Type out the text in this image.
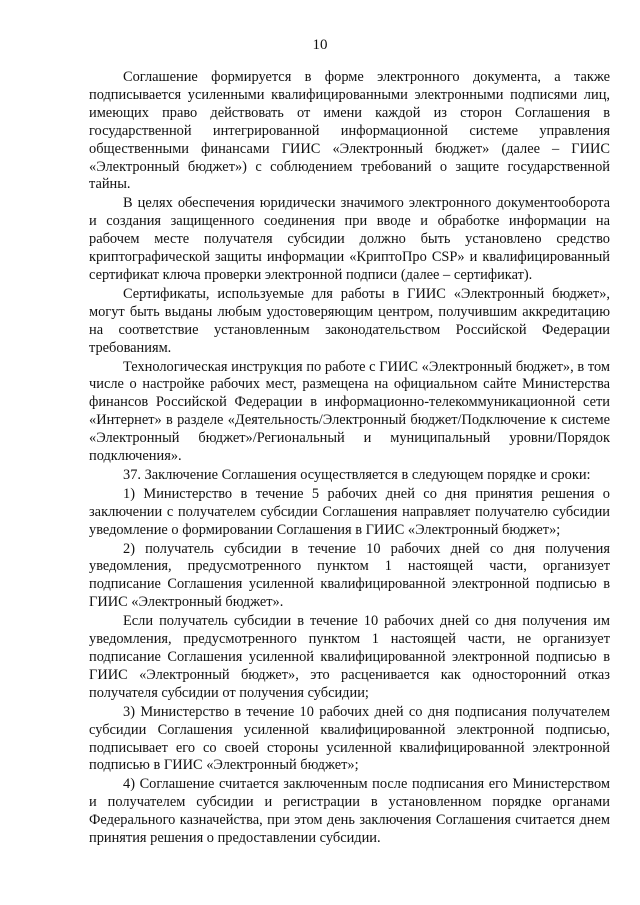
10

Соглашение формируется в форме электронного документа, а также подписывается усиленными квалифицированными электронными подписями лиц, имеющих право действовать от имени каждой из сторон Соглашения в государственной интегрированной информационной системе управления общественными финансами ГИИС «Электронный бюджет» (далее – ГИИС «Электронный бюджет») с соблюдением требований о защите государственной тайны.

В целях обеспечения юридически значимого электронного документооборота и создания защищенного соединения при вводе и обработке информации на рабочем месте получателя субсидии должно быть установлено средство криптографической защиты информации «КриптоПро CSP» и квалифицированный сертификат ключа проверки электронной подписи (далее – сертификат).

Сертификаты, используемые для работы в ГИИС «Электронный бюджет», могут быть выданы любым удостоверяющим центром, получившим аккредитацию на соответствие установленным законодательством Российской Федерации требованиям.

Технологическая инструкция по работе с ГИИС «Электронный бюджет», в том числе о настройке рабочих мест, размещена на официальном сайте Министерства финансов Российской Федерации в информационно-телекоммуникационной сети «Интернет» в разделе «Деятельность/Электронный бюджет/Подключение к системе «Электронный бюджет»/Региональный и муниципальный уровни/Порядок подключения».

37. Заключение Соглашения осуществляется в следующем порядке и сроки:

1) Министерство в течение 5 рабочих дней со дня принятия решения о заключении с получателем субсидии Соглашения направляет получателю субсидии уведомление о формировании Соглашения в ГИИС «Электронный бюджет»;

2) получатель субсидии в течение 10 рабочих дней со дня получения уведомления, предусмотренного пунктом 1 настоящей части, организует подписание Соглашения усиленной квалифицированной электронной подписью в ГИИС «Электронный бюджет».

Если получатель субсидии в течение 10 рабочих дней со дня получения им уведомления, предусмотренного пунктом 1 настоящей части, не организует подписание Соглашения усиленной квалифицированной электронной подписью в ГИИС «Электронный бюджет», это расценивается как односторонний отказ получателя субсидии от получения субсидии;

3) Министерство в течение 10 рабочих дней со дня подписания получателем субсидии Соглашения усиленной квалифицированной электронной подписью, подписывает его со своей стороны усиленной квалифицированной электронной подписью в ГИИС «Электронный бюджет»;

4) Соглашение считается заключенным после подписания его Министерством и получателем субсидии и регистрации в установленном порядке органами Федерального казначейства, при этом день заключения Соглашения считается днем принятия решения о предоставлении субсидии.
